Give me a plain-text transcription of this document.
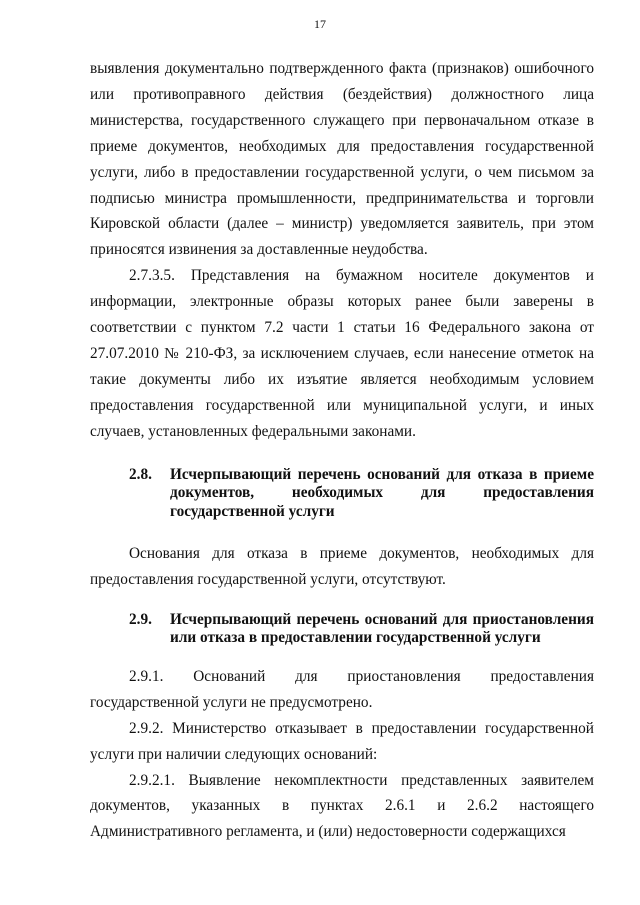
17

выявления документально подтвержденного факта (признаков) ошибочного или противоправного действия (бездействия) должностного лица министерства, государственного служащего при первоначальном отказе в приеме документов, необходимых для предоставления государственной услуги, либо в предоставлении государственной услуги, о чем письмом за подписью министра промышленности, предпринимательства и торговли Кировской области (далее – министр) уведомляется заявитель, при этом приносятся извинения за доставленные неудобства.

2.7.3.5. Представления на бумажном носителе документов и информации, электронные образы которых ранее были заверены в соответствии с пунктом 7.2 части 1 статьи 16 Федерального закона от 27.07.2010 № 210-ФЗ, за исключением случаев, если нанесение отметок на такие документы либо их изъятие является необходимым условием предоставления государственной или муниципальной услуги, и иных случаев, установленных федеральными законами.

2.8.	Исчерпывающий перечень оснований для отказа в приеме документов, необходимых для предоставления государственной услуги

Основания для отказа в приеме документов, необходимых для предоставления государственной услуги, отсутствуют.

2.9.	Исчерпывающий перечень оснований для приостановления или отказа в предоставлении государственной услуги

2.9.1. Оснований для приостановления предоставления государственной услуги не предусмотрено.

2.9.2. Министерство отказывает в предоставлении государственной услуги при наличии следующих оснований:

2.9.2.1. Выявление некомплектности представленных заявителем документов, указанных в пунктах 2.6.1 и 2.6.2 настоящего Административного регламента, и (или) недостоверности содержащихся
